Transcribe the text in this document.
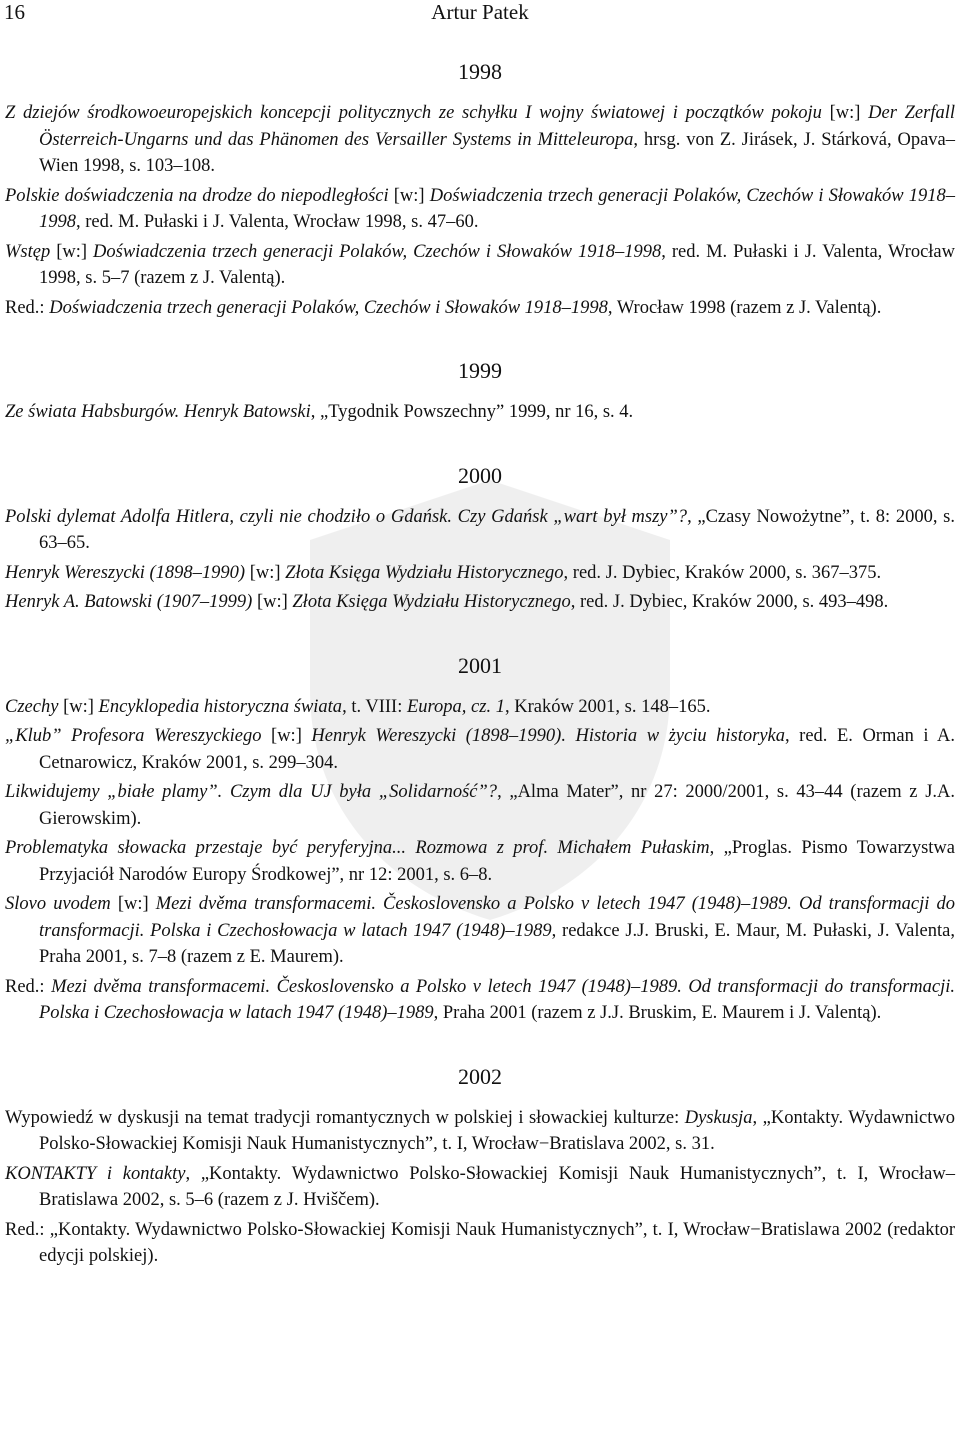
16	Artur Patek
1998
Z dziejów środkowoeuropejskich koncepcji politycznych ze schyłku I wojny światowej i początków pokoju [w:] Der Zerfall Österreich-Ungarns und das Phänomen des Versailler Systems in Mitteleuropa, hrsg. von Z. Jirásek, J. Stárková, Opava–Wien 1998, s. 103–108.
Polskie doświadczenia na drodze do niepodległości [w:] Doświadczenia trzech generacji Polaków, Czechów i Słowaków 1918–1998, red. M. Pułaski i J. Valenta, Wrocław 1998, s. 47–60.
Wstęp [w:] Doświadczenia trzech generacji Polaków, Czechów i Słowaków 1918–1998, red. M. Pułaski i J. Valenta, Wrocław 1998, s. 5–7 (razem z J. Valentą).
Red.: Doświadczenia trzech generacji Polaków, Czechów i Słowaków 1918–1998, Wrocław 1998 (razem z J. Valentą).
1999
Ze świata Habsburgów. Henryk Batowski, „Tygodnik Powszechny” 1999, nr 16, s. 4.
2000
Polski dylemat Adolfa Hitlera, czyli nie chodziło o Gdańsk. Czy Gdańsk „wart był mszy”?, „Czasy Nowożytne”, t. 8: 2000, s. 63–65.
Henryk Wereszycki (1898–1990) [w:] Złota Księga Wydziału Historycznego, red. J. Dybiec, Kraków 2000, s. 367–375.
Henryk A. Batowski (1907–1999) [w:] Złota Księga Wydziału Historycznego, red. J. Dybiec, Kraków 2000, s. 493–498.
2001
Czechy [w:] Encyklopedia historyczna świata, t. VIII: Europa, cz. 1, Kraków 2001, s. 148–165.
„Klub” Profesora Wereszyckiego [w:] Henryk Wereszycki (1898–1990). Historia w życiu historyka, red. E. Orman i A. Cetnarowicz, Kraków 2001, s. 299–304.
Likwidujemy „białe plamy”. Czym dla UJ była „Solidarność”?, „Alma Mater”, nr 27: 2000/2001, s. 43–44 (razem z J.A. Gierowskim).
Problematyka słowacka przestaje być peryferyjna... Rozmowa z prof. Michałem Pułaskim, „Proglas. Pismo Towarzystwa Przyjaciół Narodów Europy Środkowej”, nr 12: 2001, s. 6–8.
Slovo uvodem [w:] Mezi dvěma transformacemi. Československo a Polsko v letech 1947 (1948)–1989. Od transformacji do transformacji. Polska i Czechosłowacja w latach 1947 (1948)–1989, redakce J.J. Bruski, E. Maur, M. Pułaski, J. Valenta, Praha 2001, s. 7–8 (razem z E. Maurem).
Red.: Mezi dvěma transformacemi. Československo a Polsko v letech 1947 (1948)–1989. Od transformacji do transformacji. Polska i Czechosłowacja w latach 1947 (1948)–1989, Praha 2001 (razem z J.J. Bruskim, E. Maurem i J. Valentą).
2002
Wypowiedź w dyskusji na temat tradycji romantycznych w polskiej i słowackiej kulturze: Dyskusja, „Kontakty. Wydawnictwo Polsko-Słowackiej Komisji Nauk Humanistycznych”, t. I, Wrocław−Bratislava 2002, s. 31.
KONTAKTY i kontakty, „Kontakty. Wydawnictwo Polsko-Słowackiej Komisji Nauk Humanistycznych”, t. I, Wrocław–Bratislawa 2002, s. 5–6 (razem z J. Hviščem).
Red.: „Kontakty. Wydawnictwo Polsko-Słowackiej Komisji Nauk Humanistycznych”, t. I, Wrocław−Bratislawa 2002 (redaktor edycji polskiej).
